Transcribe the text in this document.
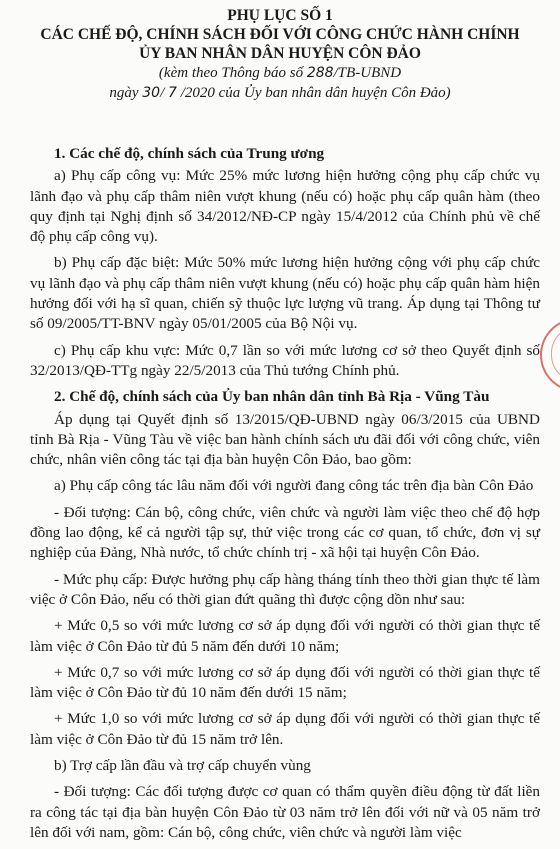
PHỤ LỤC SỐ 1
CÁC CHẾ ĐỘ, CHÍNH SÁCH ĐỐI VỚI CÔNG CHỨC HÀNH CHÍNH
ỦY BAN NHÂN DÂN HUYỆN CÔN ĐẢO
(kèm theo Thông báo số 288/TB-UBND
ngày 30/ 7 /2020 của Ủy ban nhân dân huyện Côn Đảo)
1. Các chế độ, chính sách của Trung ương

a) Phụ cấp công vụ: Mức 25% mức lương hiện hưởng cộng phụ cấp chức vụ lãnh đạo và phụ cấp thâm niên vượt khung (nếu có) hoặc phụ cấp quân hàm (theo quy định tại Nghị định số 34/2012/NĐ-CP ngày 15/4/2012 của Chính phủ về chế độ phụ cấp công vụ).

b) Phụ cấp đặc biệt: Mức 50% mức lương hiện hưởng cộng với phụ cấp chức vụ lãnh đạo và phụ cấp thâm niên vượt khung (nếu có) hoặc phụ cấp quân hàm hiện hưởng đối với hạ sĩ quan, chiến sỹ thuộc lực lượng vũ trang. Áp dụng tại Thông tư số 09/2005/TT-BNV ngày 05/01/2005 của Bộ Nội vụ.

c) Phụ cấp khu vực: Mức 0,7 lần so với mức lương cơ sở theo Quyết định số 32/2013/QĐ-TTg ngày 22/5/2013 của Thủ tướng Chính phủ.

2. Chế độ, chính sách của Ủy ban nhân dân tỉnh Bà Rịa - Vũng Tàu

Áp dụng tại Quyết định số 13/2015/QĐ-UBND ngày 06/3/2015 của UBND tỉnh Bà Rịa - Vũng Tàu về việc ban hành chính sách ưu đãi đối với công chức, viên chức, nhân viên công tác tại địa bàn huyện Côn Đảo, bao gồm:

a) Phụ cấp công tác lâu năm đối với người đang công tác trên địa bàn Côn Đảo

- Đối tượng: Cán bộ, công chức, viên chức và người làm việc theo chế độ hợp đồng lao động, kể cả người tập sự, thử việc trong các cơ quan, tổ chức, đơn vị sự nghiệp của Đảng, Nhà nước, tổ chức chính trị - xã hội tại huyện Côn Đảo.

- Mức phụ cấp: Được hưởng phụ cấp hàng tháng tính theo thời gian thực tế làm việc ở Côn Đảo, nếu có thời gian đứt quãng thì được cộng dồn như sau:

+ Mức 0,5 so với mức lương cơ sở áp dụng đối với người có thời gian thực tế làm việc ở Côn Đảo từ đủ 5 năm đến dưới 10 năm;

+ Mức 0,7 so với mức lương cơ sở áp dụng đối với người có thời gian thực tế làm việc ở Côn Đảo từ đủ 10 năm đến dưới 15 năm;

+ Mức 1,0 so với mức lương cơ sở áp dụng đối với người có thời gian thực tế làm việc ở Côn Đảo từ đủ 15 năm trở lên.

b) Trợ cấp lần đầu và trợ cấp chuyển vùng

- Đối tượng: Các đối tượng được cơ quan có thẩm quyền điều động từ đất liền ra công tác tại địa bàn huyện Côn Đảo từ 03 năm trở lên đối với nữ và 05 năm trở lên đối với nam, gồm: Cán bộ, công chức, viên chức và người làm việc
